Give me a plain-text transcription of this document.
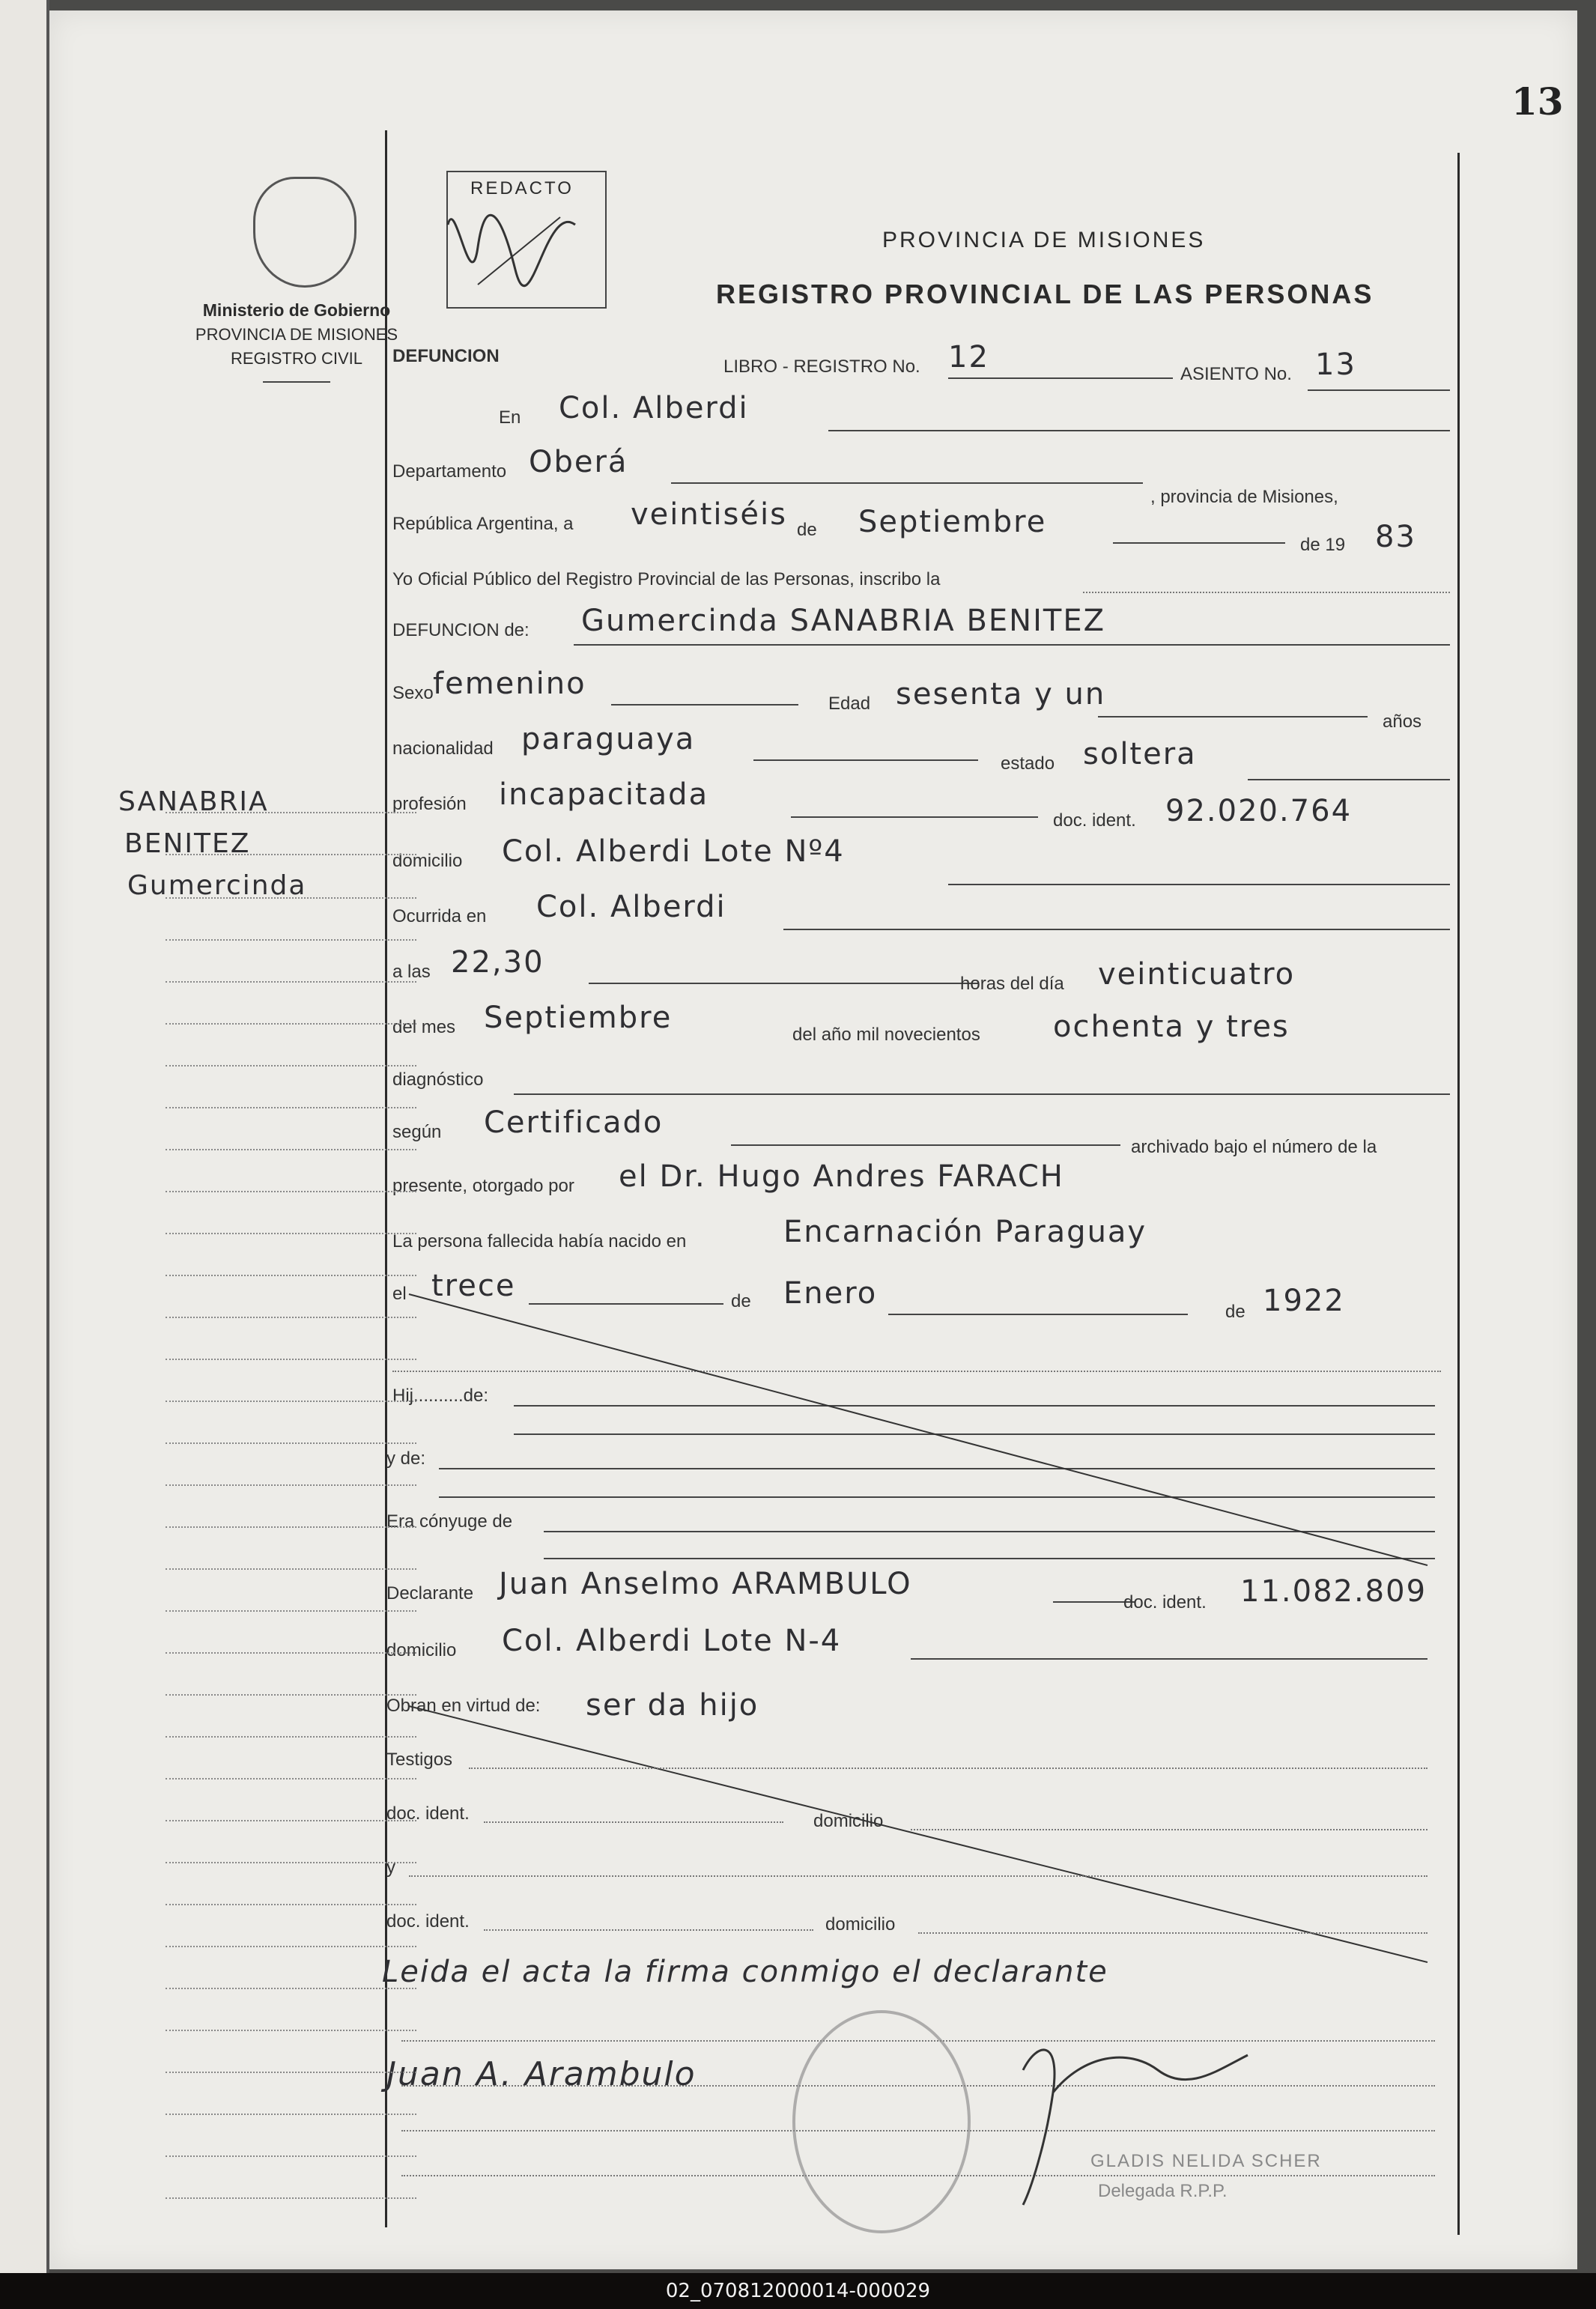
13
Ministerio de Gobierno
PROVINCIA DE MISIONES
REGISTRO CIVIL
REDACTO
PROVINCIA DE MISIONES
REGISTRO PROVINCIAL DE LAS PERSONAS
DEFUNCION
LIBRO - REGISTRO No. 12	ASIENTO No. 13
En Col. Alberdi
Departamento Oberá
, provincia de Misiones,
República Argentina, a veintiséis de Septiembre
de 19 83
Yo Oficial Público del Registro Provincial de las Personas, inscribo la
DEFUNCION de: Gumercinda SANABRIA BENITEZ
Sexo femenino
Edad sesenta y un
años
nacionalidad paraguaya
estado soltera
profesión incapacitada
doc. ident. 92.020.764
domicilio Col. Alberdi Lote Nº4
Ocurrida en Col. Alberdi
a las 22,30
horas del día veinticuatro
del mes Septiembre	del año mil novecientos ochenta y tres
diagnóstico
según Certificado
archivado bajo el número de la
presente, otorgado por el Dr. Hugo Andres FARACH
La persona fallecida había nacido en	Encarnación Paraguay
el trece	de Enero
de 1922
Hij..........de:
y de:
Era cónyuge de
Declarante Juan Anselmo ARAMBULO
doc. ident. 11.082.809
domicilio Col. Alberdi Lote N-4
Obran en virtud de: ser da hijo
Testigos
doc. ident.	domicilio
y
doc. ident.	domicilio
Leida el acta la firma conmigo el declarante
Juan A. Arambulo
GLADIS NELIDA SCHER
Delegada R.P.P.
SANABRIA
BENITEZ
Gumercinda
02_070812000014-000029
